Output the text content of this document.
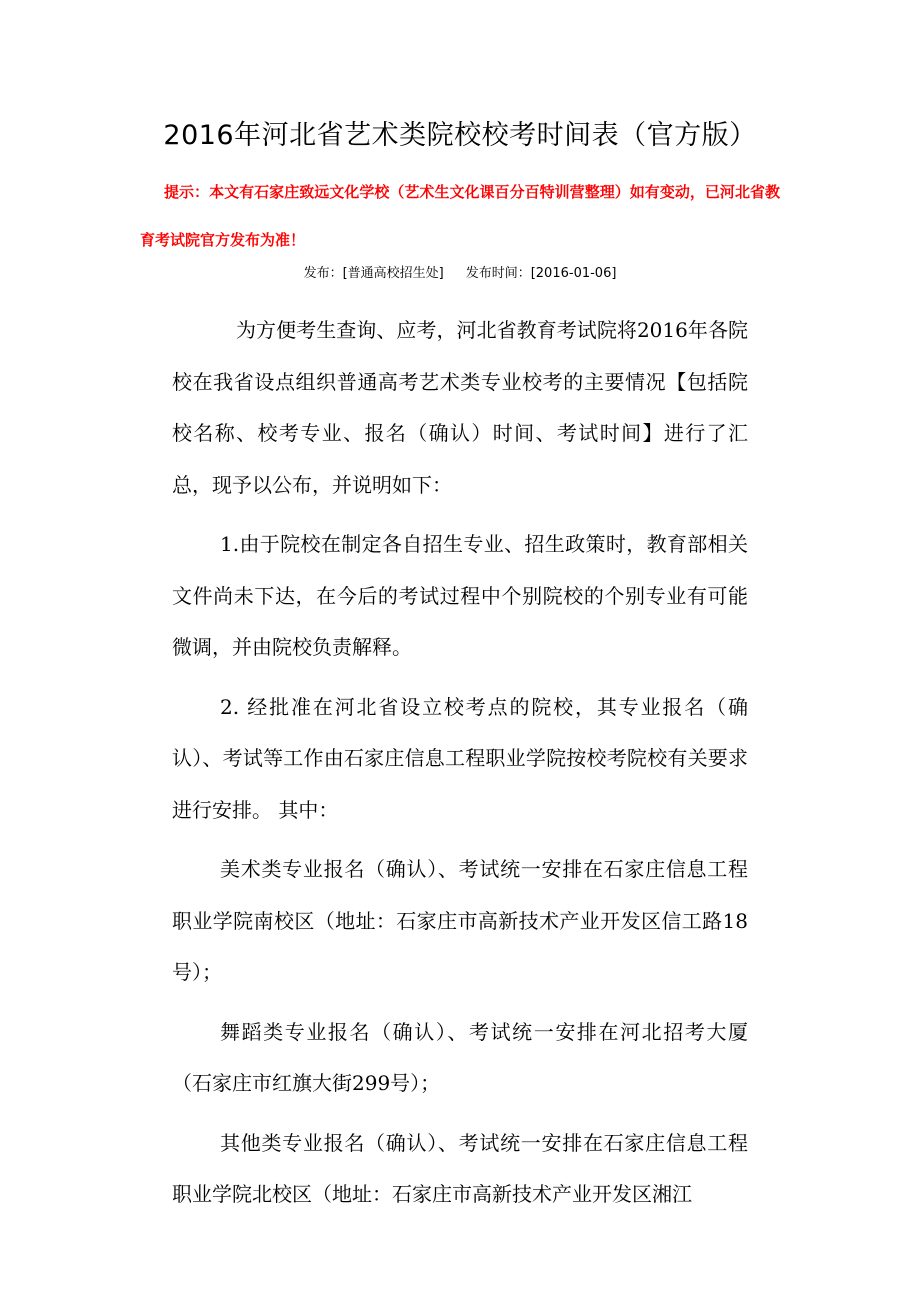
2016年河北省艺术类院校校考时间表（官方版）

提示：本文有石家庄致远文化学校（艺术生文化课百分百特训营整理）如有变动，已河北省教育考试院官方发布为准！

发布：[普通高校招生处] 发布时间：[2016-01-06]

为方便考生查询、应考，河北省教育考试院将2016年各院校在我省设点组织普通高考艺术类专业校考的主要情况【包括院校名称、校考专业、报名（确认）时间、考试时间】进行了汇总，现予以公布，并说明如下：

1.由于院校在制定各自招生专业、招生政策时，教育部相关文件尚未下达，在今后的考试过程中个别院校的个别专业有可能微调，并由院校负责解释。

2. 经批准在河北省设立校考点的院校，其专业报名（确认）、考试等工作由石家庄信息工程职业学院按校考院校有关要求进行安排。 其中：

美术类专业报名（确认）、考试统一安排在石家庄信息工程职业学院南校区（地址：石家庄市高新技术产业开发区信工路18号）；

舞蹈类专业报名（确认）、考试统一安排在河北招考大厦（石家庄市红旗大街299号）；

其他类专业报名（确认）、考试统一安排在石家庄信息工程职业学院北校区（地址：石家庄市高新技术产业开发区湘江
